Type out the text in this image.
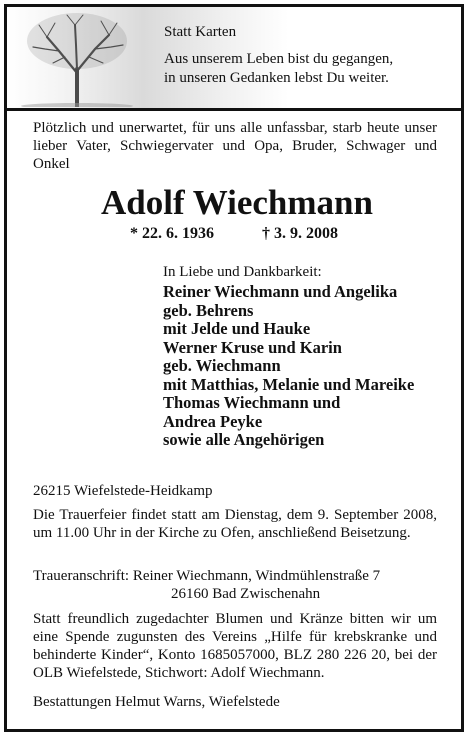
Statt Karten
Aus unserem Leben bist du gegangen,
in unseren Gedanken lebst Du weiter.

Plötzlich und unerwartet, für uns alle unfassbar, starb heute unser lieber Vater, Schwiegervater und Opa, Bruder, Schwager und Onkel

Adolf Wiechmann
* 22. 6. 1936	† 3. 9. 2008
In Liebe und Dankbarkeit:
Reiner Wiechmann und Angelika
geb. Behrens
mit Jelde und Hauke
Werner Kruse und Karin
geb. Wiechmann
mit Matthias, Melanie und Mareike
Thomas Wiechmann und
Andrea Peyke
sowie alle Angehörigen
26215 Wiefelstede-Heidkamp

Die Trauerfeier findet statt am Dienstag, dem 9. September 2008, um 11.00 Uhr in der Kirche zu Ofen, anschließend Beisetzung.

Traueranschrift: Reiner Wiechmann, Windmühlenstraße 7
26160 Bad Zwischenahn

Statt freundlich zugedachter Blumen und Kränze bitten wir um eine Spende zugunsten des Vereins „Hilfe für krebskranke und behinderte Kinder“, Konto 1685057000, BLZ 280 226 20, bei der OLB Wiefelstede, Stichwort: Adolf Wiechmann.

Bestattungen Helmut Warns, Wiefelstede
